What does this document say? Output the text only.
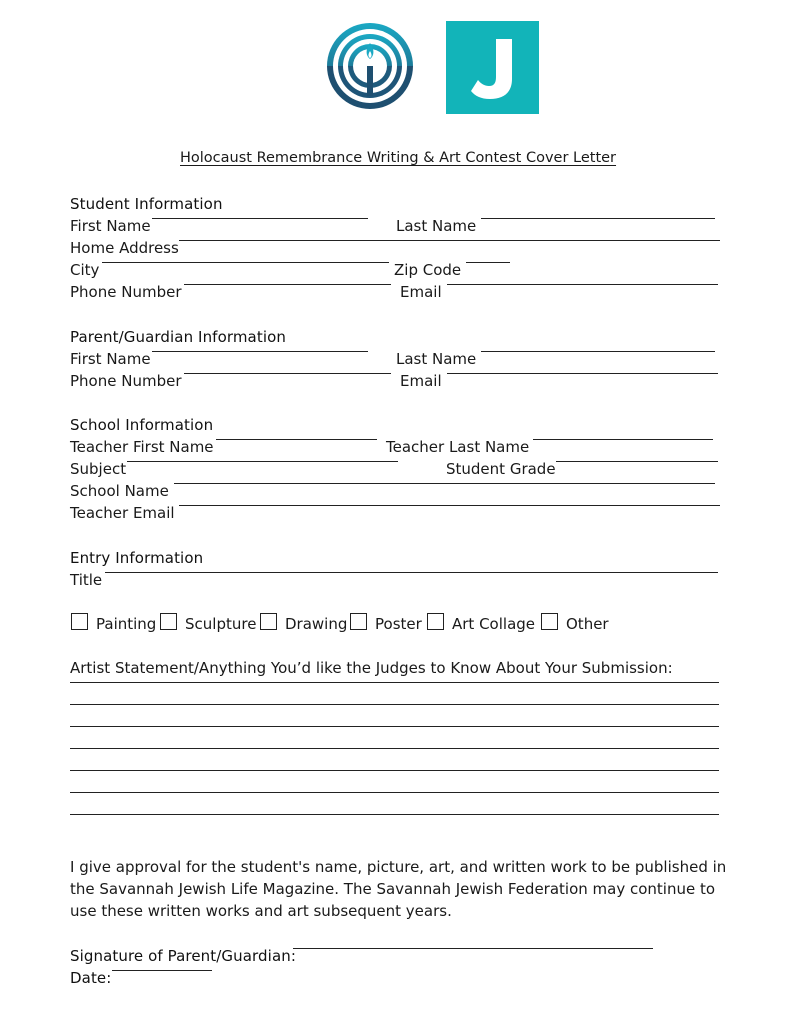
Holocaust Remembrance Writing & Art Contest Cover Letter
Student Information
First Name	Last Name
Home Address
City	Zip Code
Phone Number	Email
Parent/Guardian Information
First Name	Last Name
Phone Number	Email
School Information
Teacher First Name	Teacher Last Name
Subject	Student Grade
School Name
Teacher Email
Entry Information
Title
Painting Sculpture Drawing Poster Art Collage Other
Artist Statement/Anything You’d like the Judges to Know About Your Submission:
I give approval for the student's name, picture, art, and written work to be published in the Savannah Jewish Life Magazine. The Savannah Jewish Federation may continue to use these written works and art subsequent years.
Signature of Parent/Guardian:
Date:
